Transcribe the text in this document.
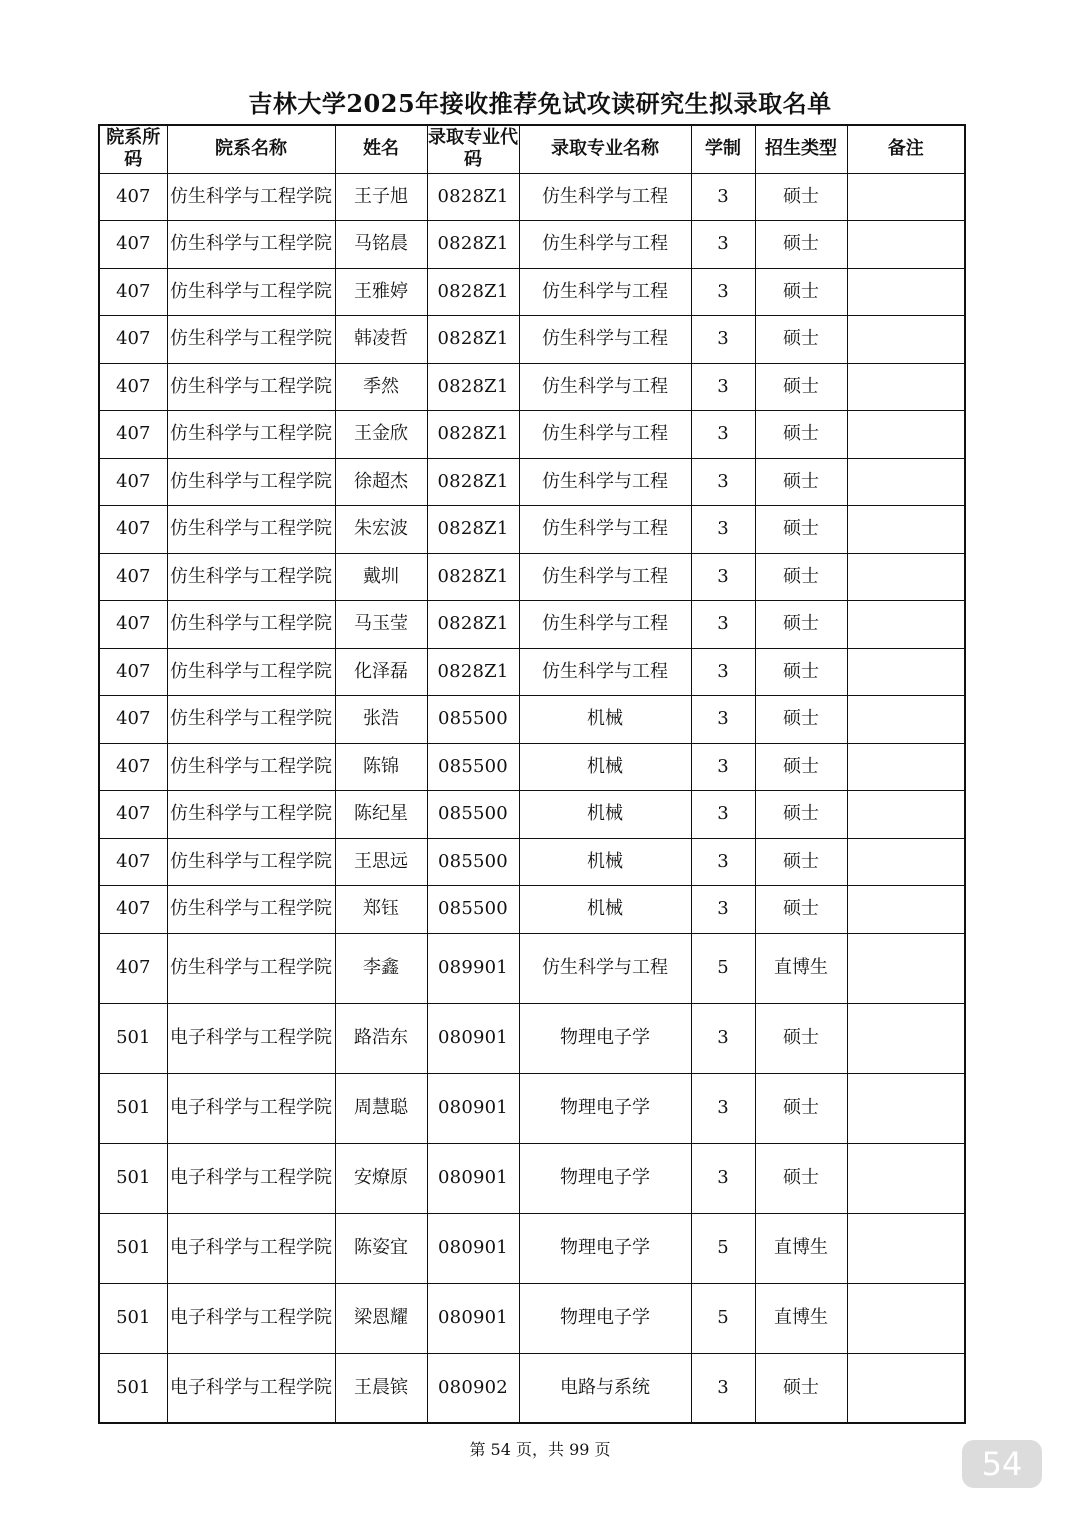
吉林大学2025年接收推荐免试攻读研究生拟录取名单
院系所码	院系名称	姓名	录取专业代码	录取专业名称	学制	招生类型	备注
407	仿生科学与工程学院	王子旭	0828Z1	仿生科学与工程	3	硕士	
407	仿生科学与工程学院	马铭晨	0828Z1	仿生科学与工程	3	硕士	
407	仿生科学与工程学院	王雅婷	0828Z1	仿生科学与工程	3	硕士	
407	仿生科学与工程学院	韩凌哲	0828Z1	仿生科学与工程	3	硕士	
407	仿生科学与工程学院	季然	0828Z1	仿生科学与工程	3	硕士	
407	仿生科学与工程学院	王金欣	0828Z1	仿生科学与工程	3	硕士	
407	仿生科学与工程学院	徐超杰	0828Z1	仿生科学与工程	3	硕士	
407	仿生科学与工程学院	朱宏波	0828Z1	仿生科学与工程	3	硕士	
407	仿生科学与工程学院	戴圳	0828Z1	仿生科学与工程	3	硕士	
407	仿生科学与工程学院	马玉莹	0828Z1	仿生科学与工程	3	硕士	
407	仿生科学与工程学院	化泽磊	0828Z1	仿生科学与工程	3	硕士	
407	仿生科学与工程学院	张浩	085500	机械	3	硕士	
407	仿生科学与工程学院	陈锦	085500	机械	3	硕士	
407	仿生科学与工程学院	陈纪星	085500	机械	3	硕士	
407	仿生科学与工程学院	王思远	085500	机械	3	硕士	
407	仿生科学与工程学院	郑钰	085500	机械	3	硕士	
407	仿生科学与工程学院	李鑫	089901	仿生科学与工程	5	直博生	
501	电子科学与工程学院	路浩东	080901	物理电子学	3	硕士	
501	电子科学与工程学院	周慧聪	080901	物理电子学	3	硕士	
501	电子科学与工程学院	安燎原	080901	物理电子学	3	硕士	
501	电子科学与工程学院	陈姿宜	080901	物理电子学	5	直博生	
501	电子科学与工程学院	梁恩耀	080901	物理电子学	5	直博生	
501	电子科学与工程学院	王晨镔	080902	电路与系统	3	硕士	
第 54 页，共 99 页	54
